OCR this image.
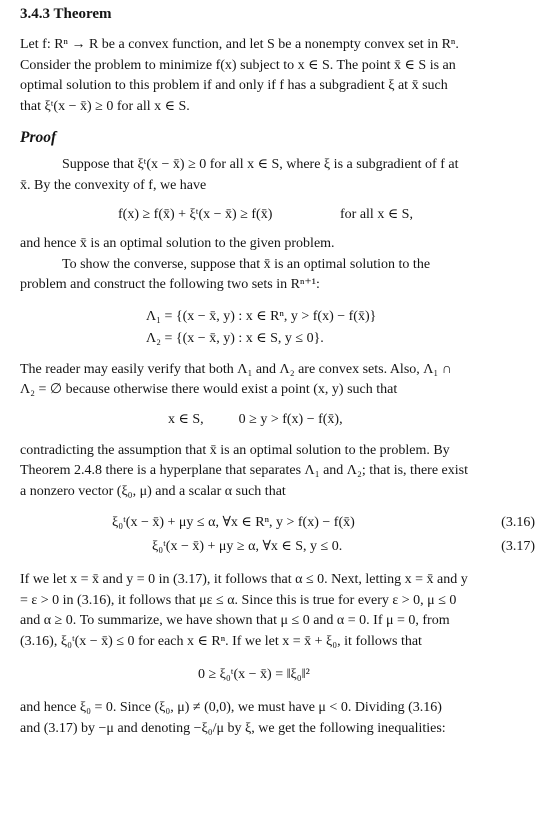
3.4.3 Theorem
Let f: Rⁿ → R be a convex function, and let S be a nonempty convex set in Rⁿ.
Consider the problem to minimize f(x) subject to x ∈ S. The point x̄ ∈ S is an
optimal solution to this problem if and only if f has a subgradient ξ at x̄ such
that ξᵗ(x − x̄) ≥ 0 for all x ∈ S.
Proof
Suppose that ξᵗ(x − x̄) ≥ 0 for all x ∈ S, where ξ is a subgradient of f at
x̄. By the convexity of f, we have
f(x) ≥ f(x̄) + ξᵗ(x − x̄) ≥ f(x̄)	for all x ∈ S,
and hence x̄ is an optimal solution to the given problem.
To show the converse, suppose that x̄ is an optimal solution to the
problem and construct the following two sets in Rⁿ⁺¹:
Λ₁ = {(x − x̄, y) : x ∈ Rⁿ, y > f(x) − f(x̄)}
Λ₂ = {(x − x̄, y) : x ∈ S, y ≤ 0}.
The reader may easily verify that both Λ₁ and Λ₂ are convex sets. Also, Λ₁ ∩
Λ₂ = ∅ because otherwise there would exist a point (x, y) such that
x ∈ S,          0 ≥ y > f(x) − f(x̄),
contradicting the assumption that x̄ is an optimal solution to the problem. By
Theorem 2.4.8 there is a hyperplane that separates Λ₁ and Λ₂; that is, there exist
a nonzero vector (ξ₀, μ) and a scalar α such that
ξ₀ᵗ(x − x̄) + μy ≤ α, ∀x ∈ Rⁿ, y > f(x) − f(x̄)	(3.16)
ξ₀ᵗ(x − x̄) + μy ≥ α, ∀x ∈ S, y ≤ 0.	(3.17)
If we let x = x̄ and y = 0 in (3.17), it follows that α ≤ 0. Next, letting x = x̄ and y
= ε > 0 in (3.16), it follows that με ≤ α. Since this is true for every ε > 0, μ ≤ 0
and α ≥ 0. To summarize, we have shown that μ ≤ 0 and α = 0. If μ = 0, from
(3.16), ξ₀ᵗ(x − x̄) ≤ 0 for each x ∈ Rⁿ. If we let x = x̄ + ξ₀, it follows that
0 ≥ ξ₀ᵗ(x − x̄) = ‖ξ₀‖²
and hence ξ₀ = 0. Since (ξ₀, μ) ≠ (0,0), we must have μ < 0. Dividing (3.16)
and (3.17) by −μ and denoting −ξ₀/μ by ξ, we get the following inequalities:
